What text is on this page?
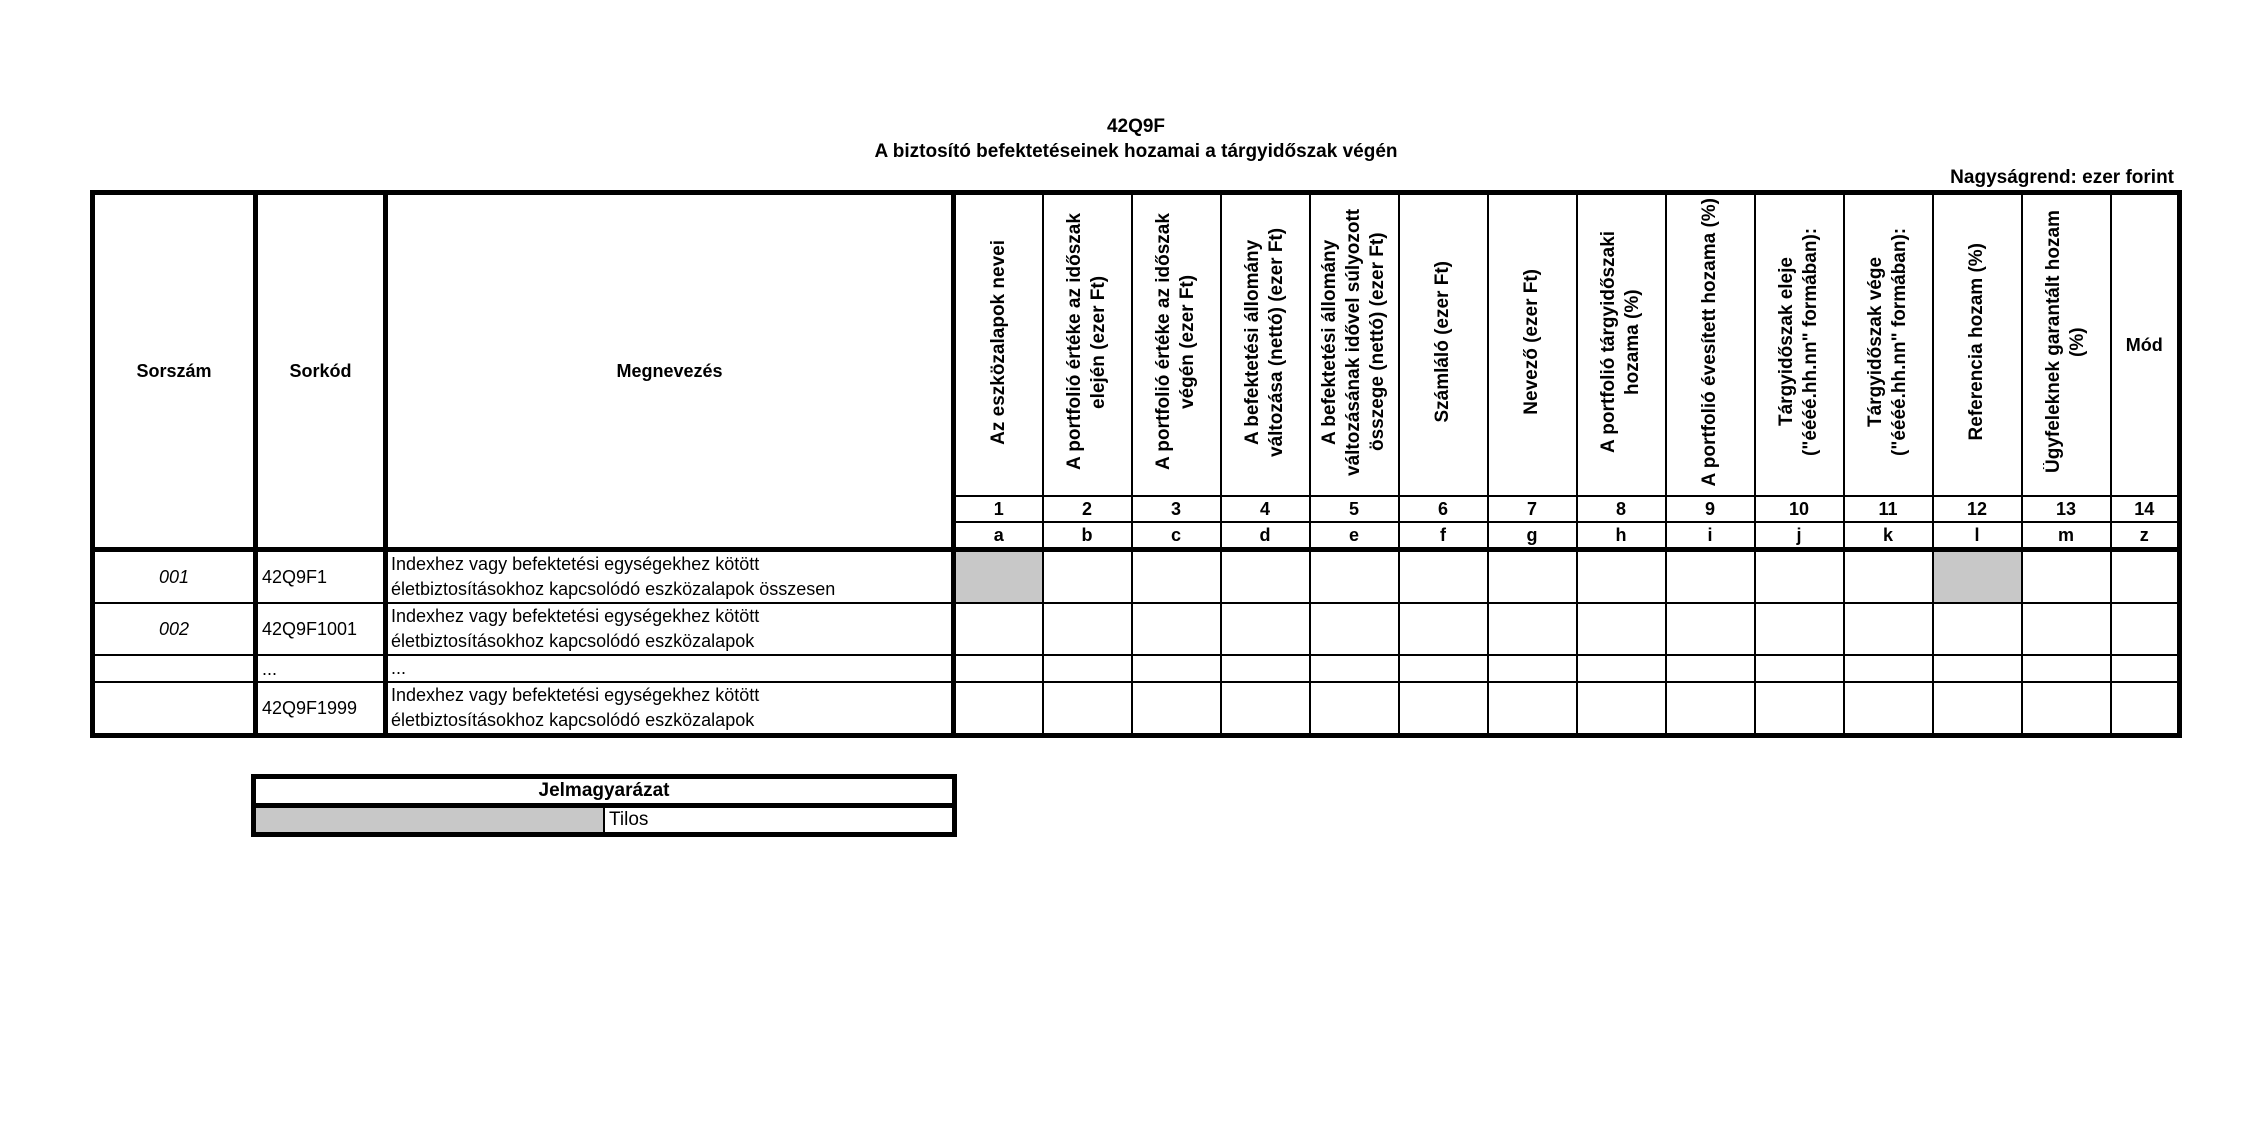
42Q9F
A biztosító befektetéseinek hozamai a tárgyidőszak végén
Nagyságrend: ezer forint
Sorszám	Sorkód	Megnevezés	Az eszközalapok nevei	A portfolió értéke az időszak elején (ezer Ft)	A portfolió értéke az időszak végén (ezer Ft)	A befektetési állomány változása (nettó) (ezer Ft)	A befektetési állomány változásának idővel súlyozott összege (nettó) (ezer Ft)	Számláló (ezer Ft)	Nevező (ezer Ft)	A portfolió tárgyidőszaki hozama (%)	A portfolió évesített hozama (%)	Tárgyidőszak eleje ("éééé.hh.nn" formában):	Tárgyidőszak vége ("éééé.hh.nn" formában):	Referencia hozam (%)	Ügyfeleknek garantált hozam (%)	Mód
			1	2	3	4	5	6	7	8	9	10	11	12	13	14
			a	b	c	d	e	f	g	h	i	j	k	l	m	z
001	42Q9F1	Indexhez vagy befektetési egységekhez kötött
életbiztosításokhoz kapcsolódó eszközalapok összesen														
002	42Q9F1001	Indexhez vagy befektetési egységekhez kötött
életbiztosításokhoz kapcsolódó eszközalapok														
	...	...														
	42Q9F1999	Indexhez vagy befektetési egységekhez kötött
életbiztosításokhoz kapcsolódó eszközalapok														
Jelmagyarázat
	Tilos
